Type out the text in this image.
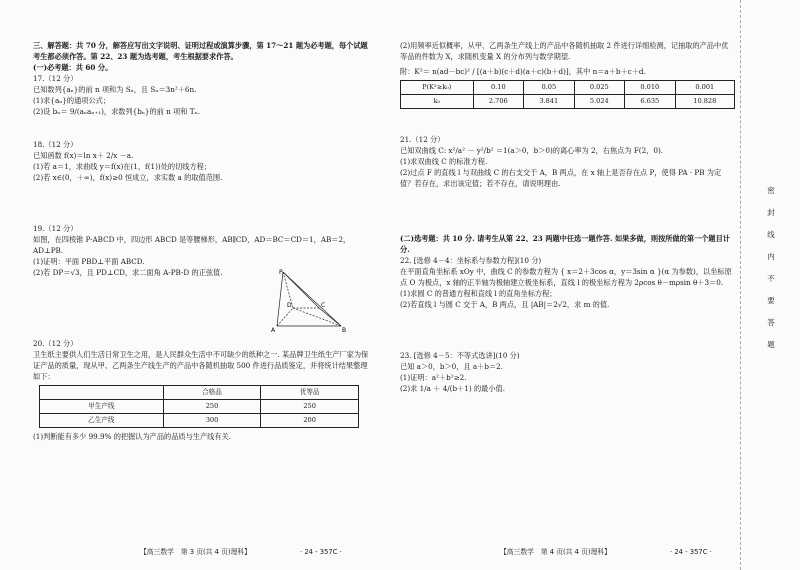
三、解答题：共 70 分，解答应写出文字说明、证明过程或演算步骤，第 17～21 题为必考题，每个试题考生都必须作答。第 22、23 题为选考题，考生根据要求作答。
(一)必考题：共 60 分。
17.（12 分）
已知数列{aₙ}的前 n 项和为 Sₙ，且 Sₙ＝3n²＋6n.
(1)求{aₙ}的通项公式；
(2)设 bₙ＝ 9/(aₙaₙ₊₁)，求数列{bₙ}的前 n 项和 Tₙ.
18.（12 分）
已知函数 f(x)＝ln x＋ 2/x －a.
(1)若 a＝1，求曲线 y＝f(x)在(1，f(1))处的切线方程；
(2)若 x∈(0，＋∞)，f(x)≥0 恒成立，求实数 a 的取值范围.
19.（12 分）
如图，在四棱锥 P-ABCD 中，四边形 ABCD 是等腰梯形，AB∥CD，AD＝BC＝CD＝1，AB＝2，AD⊥PB.
(1)证明：平面 PBD⊥平面 ABCD.
(2)若 DP＝√3，且 PD⊥CD，求二面角 A-PB-D 的正弦值.	P
D	C
A	B
20.（12 分）
卫生纸主要供人们生活日常卫生之用，是人民群众生活中不可缺少的纸种之一. 某品牌卫生纸生产厂家为保证产品的质量，现从甲、乙两条生产线生产的产品中各随机抽取 500 件进行品质鉴定，并将统计结果整理如下：
	合格品	优等品
甲生产线	250	250
乙生产线	300	200
(1)判断能有多少 99.9% 的把握认为产品的品质与生产线有关.
【高三数学　第 3 页(共 4 页)理科】	· 24 - 357C ·
(2)用频率近似概率，从甲、乙两条生产线上的产品中各随机抽取 2 件进行详细检测，记抽取的产品中优等品的件数为 X，求随机变量 X 的分布列与数学期望.
附：K²＝ n(ad－bc)² / [(a＋b)(c＋d)(a＋c)(b＋d)]，其中 n＝a＋b＋c＋d.
P(K²≥k₀)	0.10	0.05	0.025	0.010	0.001
k₀	2.706	3.841	5.024	6.635	10.828
21.（12 分）
已知双曲线 C: x²/a² － y²/b² ＝1(a＞0，b＞0)的离心率为 2，右焦点为 F(2，0).
(1)求双曲线 C 的标准方程.
(2)过点 F 的直线 l 与双曲线 C 的右支交于 A，B 两点，在 x 轴上是否存在点 P，使得 PA · PB 为定值？若存在，求出该定值；若不存在，请说明理由.
(二)选考题：共 10 分. 请考生从第 22、23 两题中任选一题作答. 如果多做，则按所做的第一个题目计分.
22. [选修 4－4：坐标系与参数方程](10 分)
在平面直角坐标系 xOy 中，曲线 C 的参数方程为 { x＝2＋3cos α，y＝3sin α }(α 为参数)，以坐标原点 O 为极点，x 轴的正半轴为极轴建立极坐标系，直线 l 的极坐标方程为 2ρcos θ－mρsin θ＋3＝0.
(1)求圆 C 的普通方程和直线 l 的直角坐标方程；
(2)若直线 l 与圆 C 交于 A，B 两点，且 |AB|＝2√2，求 m 的值.
23. [选修 4－5：不等式选讲](10 分)
已知 a＞0，b＞0，且 a＋b＝2.
(1)证明：a²＋b²≥2.
(2)求 1/a ＋ 4/(b＋1) 的最小值.
【高三数学　第 4 页(共 4 页)理科】	· 24 - 357C ·
密　封　线　内　不　要　答　题
